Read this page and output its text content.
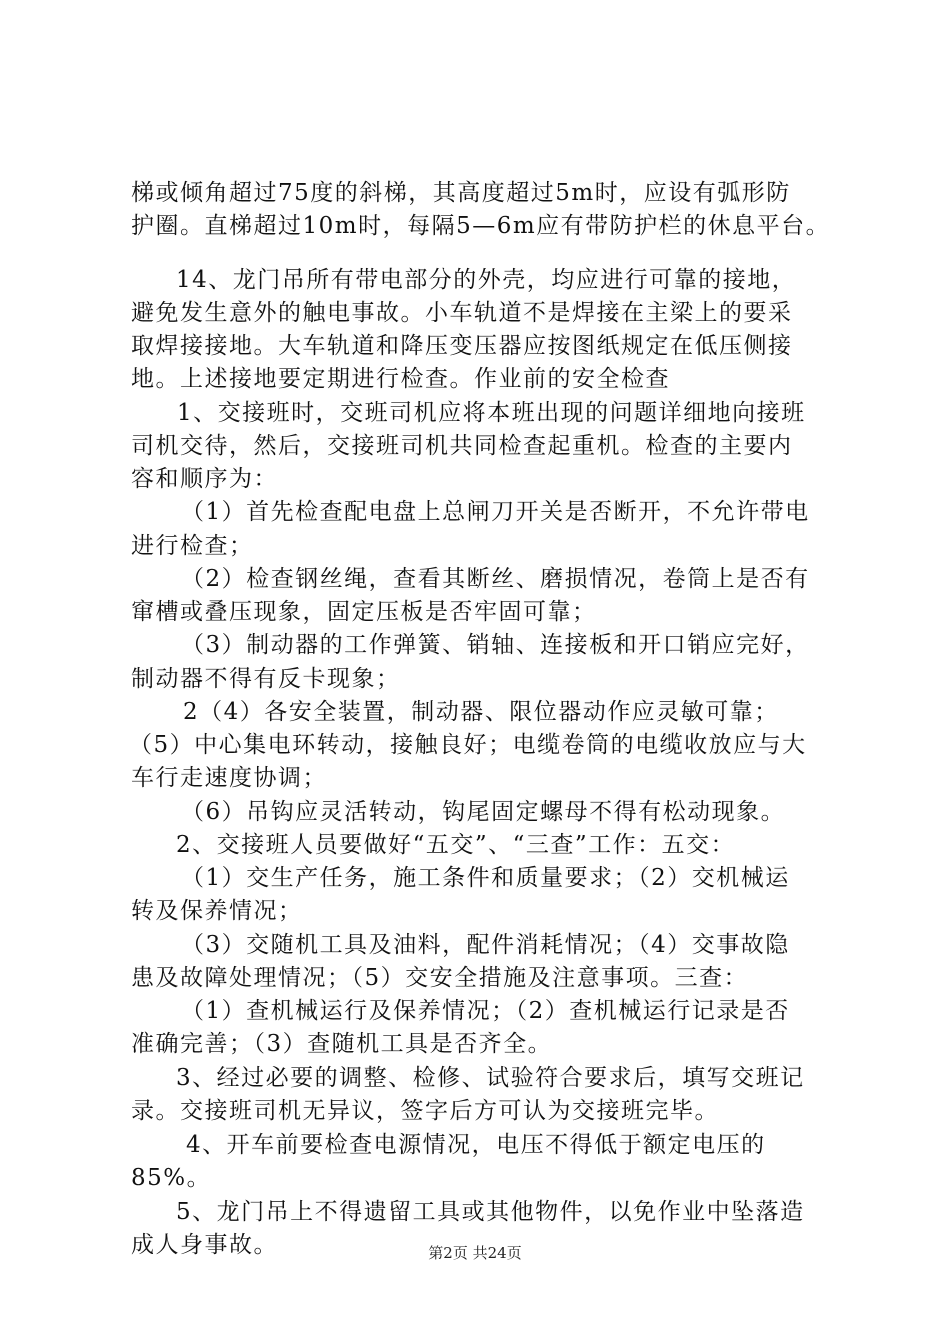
梯或倾角超过75度的斜梯，其高度超过5m时，应设有弧形防
护圈。直梯超过10m时，每隔5—6m应有带防护栏的休息平台。
14、龙门吊所有带电部分的外壳，均应进行可靠的接地，
避免发生意外的触电事故。小车轨道不是焊接在主梁上的要采
取焊接接地。大车轨道和降压变压器应按图纸规定在低压侧接
地。上述接地要定期进行检查。作业前的安全检查
1、交接班时，交班司机应将本班出现的问题详细地向接班
司机交待，然后，交接班司机共同检查起重机。检查的主要内
容和顺序为：
（1）首先检查配电盘上总闸刀开关是否断开，不允许带电
进行检查；
（2）检查钢丝绳，查看其断丝、磨损情况，卷筒上是否有
窜槽或叠压现象，固定压板是否牢固可靠；
（3）制动器的工作弹簧、销轴、连接板和开口销应完好，
制动器不得有反卡现象；
2（4）各安全装置，制动器、限位器动作应灵敏可靠；
（5）中心集电环转动，接触良好；电缆卷筒的电缆收放应与大
车行走速度协调；
（6）吊钩应灵活转动，钩尾固定螺母不得有松动现象。
2、交接班人员要做好“五交”、“三查”工作：五交：
（1）交生产任务，施工条件和质量要求；（2）交机械运
转及保养情况；
（3）交随机工具及油料，配件消耗情况；（4）交事故隐
患及故障处理情况；（5）交安全措施及注意事项。三查：
（1）查机械运行及保养情况；（2）查机械运行记录是否
准确完善；（3）查随机工具是否齐全。
3、经过必要的调整、检修、试验符合要求后，填写交班记
录。交接班司机无异议，签字后方可认为交接班完毕。
4、开车前要检查电源情况，电压不得低于额定电压的
85%。
5、龙门吊上不得遗留工具或其他物件，以免作业中坠落造
成人身事故。	第2页 共24页
